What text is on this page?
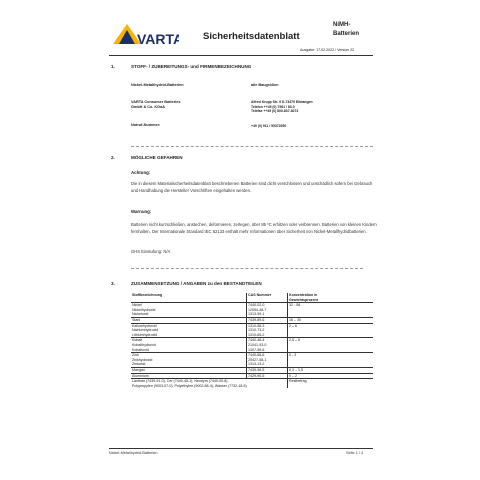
VARTA Sicherheitsdatenblatt
NiMH-
Batterien
Ausgabe: 17.02.2022 / Version 22
1.	STOFF- / ZUBEREITUNGS- und FIRMENBEZEICHNUNG
Nickel-Metallhydrid-Batterien	alle Baugrößen
VARTA Consumer Batteries
GmbH & Co. KGaA
Alfred Krupp Str. 9 D-73479 Ellwangen
Telefon ++49 (0) 7961 / 83-0
Telefax ++49 (0) 800-837-8274
Notruf-Nummer:	+49 (0) 911 / 95372050
2.	MÖGLICHE GEFAHREN
Achtung:
Die in diesem Materialsicherheitsdatenblatt beschriebenen Batterien sind dicht verschlossen und unschädlich sofern bei Gebrauch und Handhabung die Hersteller Vorschriften eingehalten werden.
Warnung:
Batterien nicht kurzschließen, anstechen, deformieren, zerlegen, über 85 ºC erhitzen oder verbrennen. Batterien von kleinen Kindern fernhalten. Der Internationale Standard IEC 62133 enthält mehr Informationen über Sicherheit von Nickel-Metallhydridbatterien.
GHS Einstufung: N/A
3.	ZUSAMMENSETZUNG / ANGABEN zu den BESTANDTEILEN
Stoffbezeichnung	CAS Nummer	Konzentration in
Gewichtsprozent

Nickel	7440-02-0	32 - 58
Nickelhydroxid	12054-48-7	
Nickeloxid	1313-99-1	
Stahl	7439-89-6	16 – 30
Kaliumhydroxid	1310-58-3	2 – 6
Natriumhydroxid	1310-73-2	
Lithiumhydroxid	1310-65-2	
Kobalt	7440-48-4	2,5 – 5
Kobalthydroxid	21041-93-0	
Kobaltoxid	1307-96-6	
Zink	7440-66-6	0 - 3
Zinkhydroxid	20427-58-1	
Zinkoxid	1314-13-2	
Mangan	7439-96-5	0,3 – 1,5
Aluminium	7429-90-5	0 – 2

Lanthan (7439-91-0), Cer (7440-45-1), Neodym (7440-00-8),
Polypropylen (9003-07-0), Polyethylen (9002-88-4), Wasser (7732-18-5)		Restbetrag
Nickel-Metallhydrid-Batterien	Seite 1 / 4
